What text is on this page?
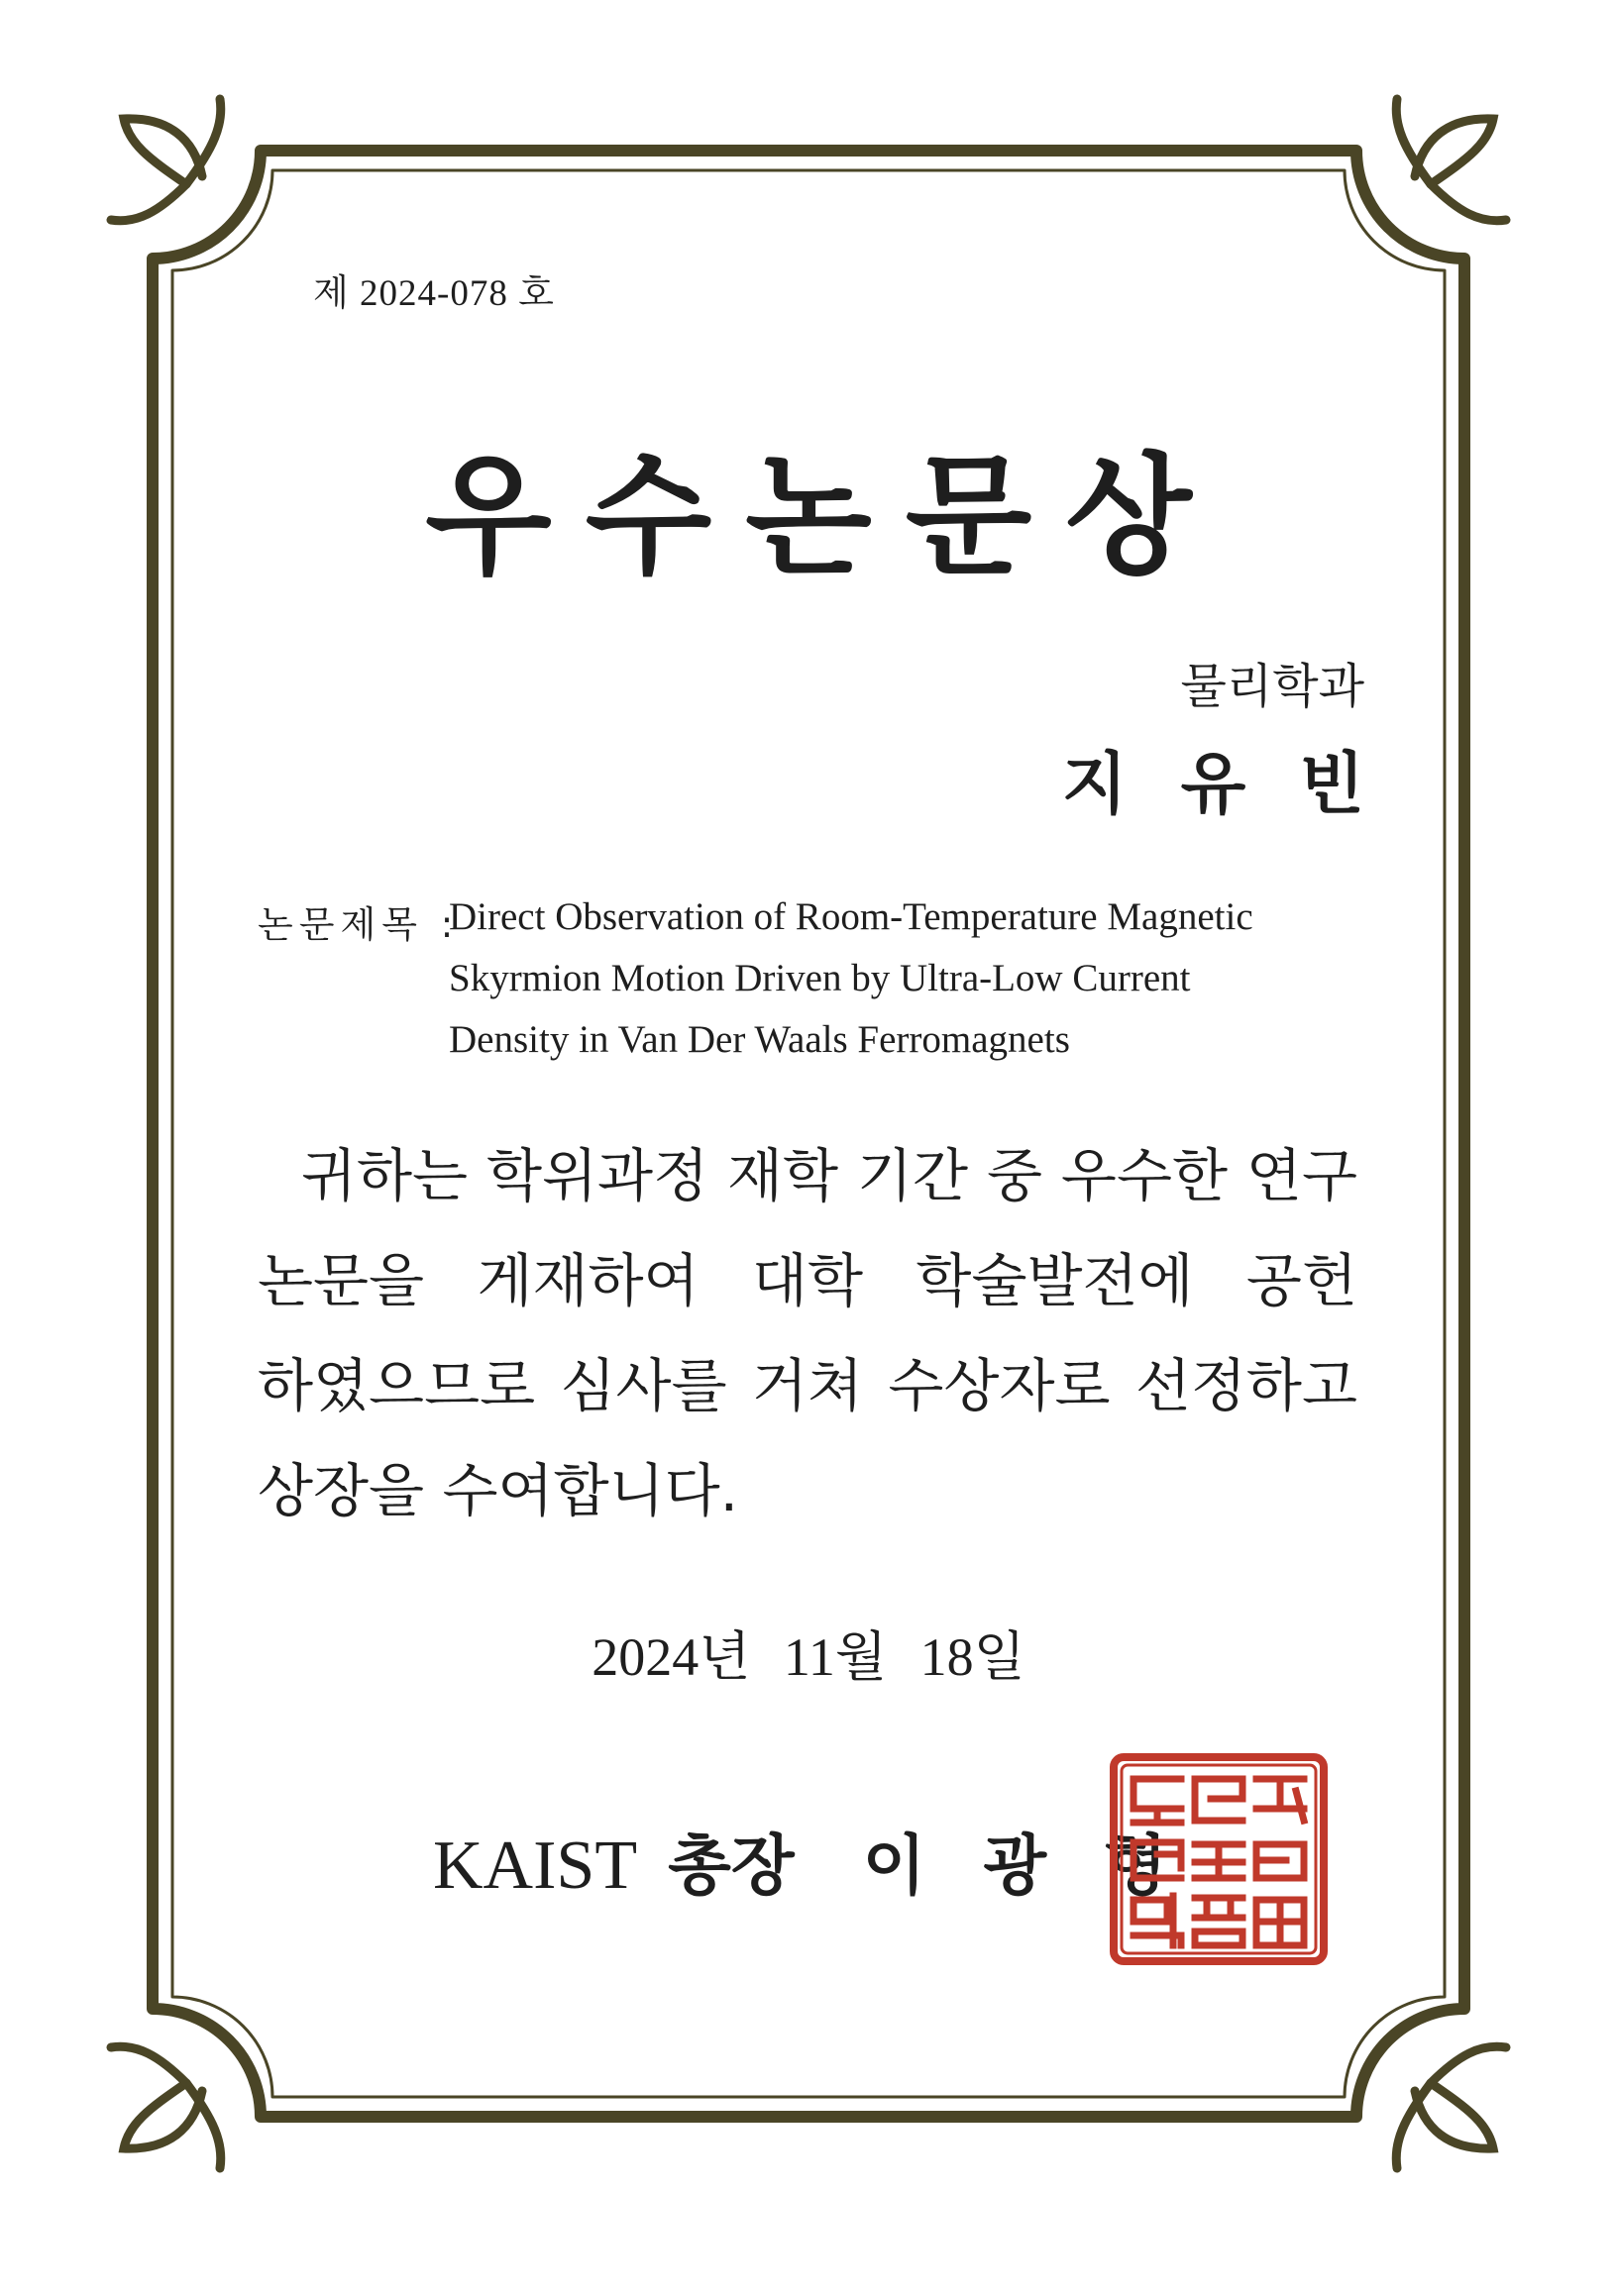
제 2024-078 호
우수논문상
물리학과
지유빈
논문제목 :
Direct Observation of Room-Temperature Magnetic
Skyrmion Motion Driven by Ultra-Low Current
Density in Van Der Waals Ferromagnets
귀하는 학위과정 재학 기간 중 우수한 연구
논문을 게재하여 대학 학술발전에 공헌
하였으므로 심사를 거쳐 수상자로 선정하고
상장을 수여합니다.
2024년 11월 18일
KAIST 총장 이광형
